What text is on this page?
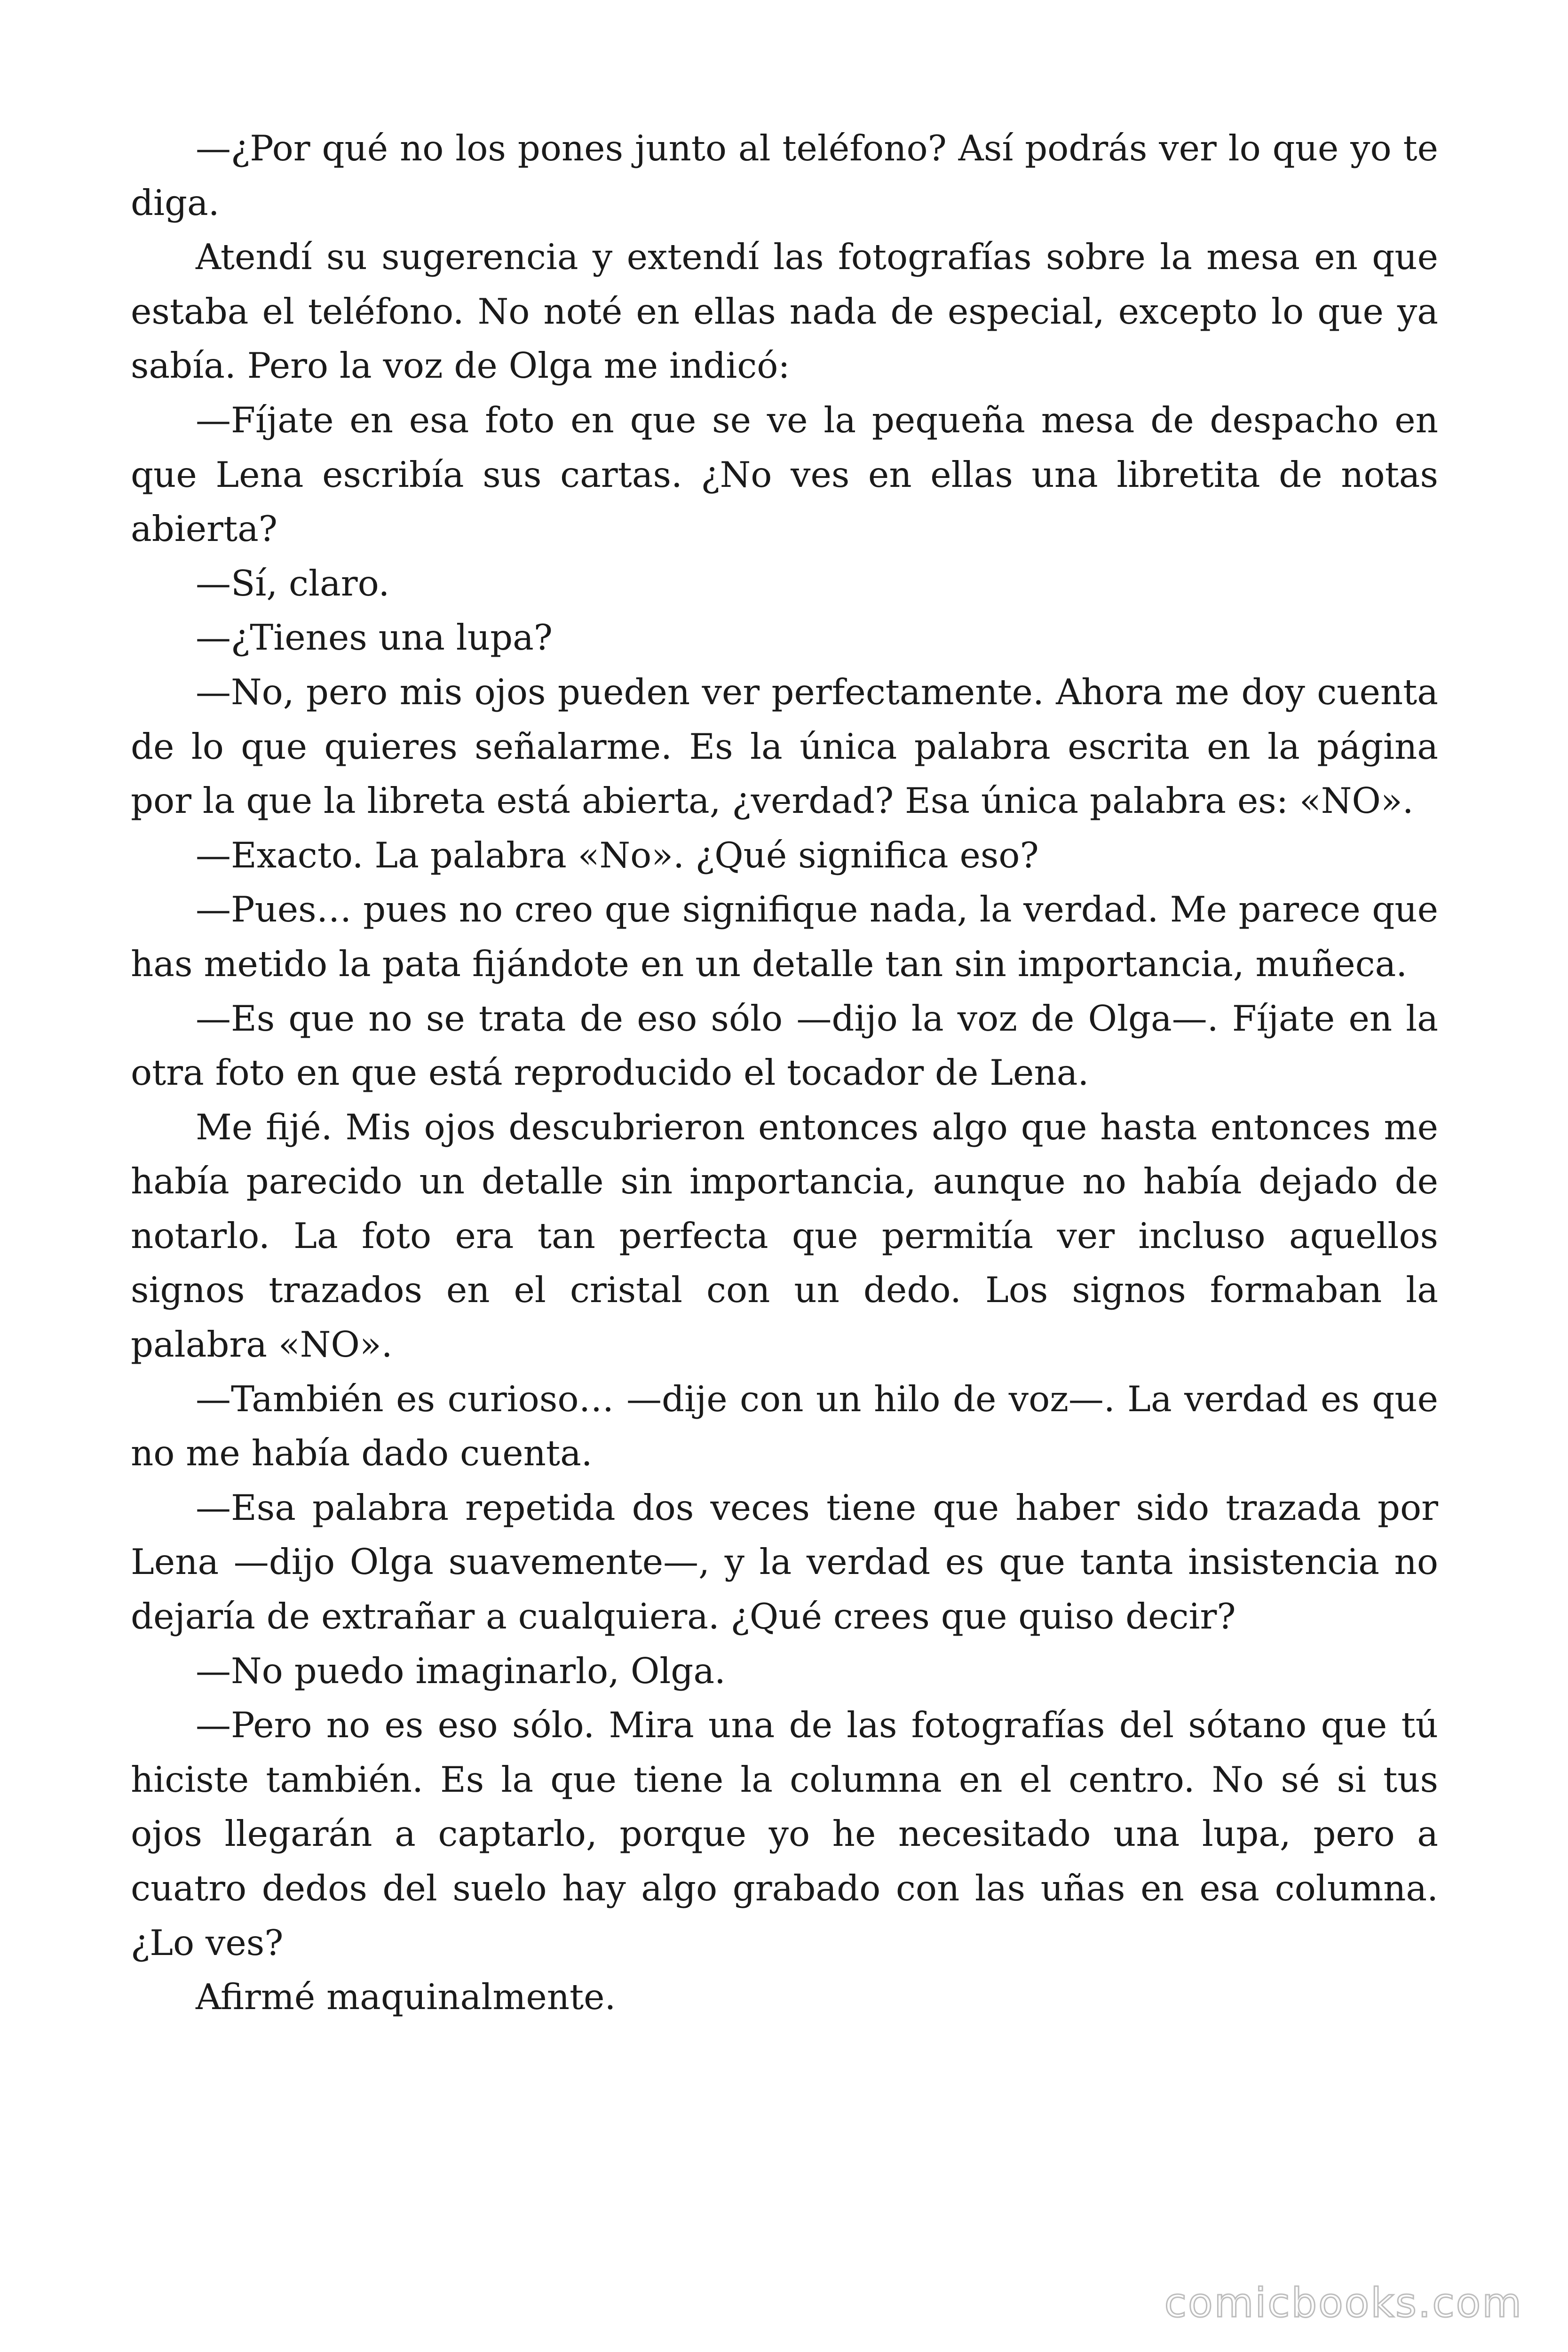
—¿Por qué no los pones junto al teléfono? Así podrás ver lo que yo te diga.

Atendí su sugerencia y extendí las fotografías sobre la mesa en que estaba el teléfono. No noté en ellas nada de especial, excepto lo que ya sabía. Pero la voz de Olga me indicó:

—Fíjate en esa foto en que se ve la pequeña mesa de despacho en que Lena escribía sus cartas. ¿No ves en ellas una libretita de notas abierta?

—Sí, claro.

—¿Tienes una lupa?

—No, pero mis ojos pueden ver perfectamente. Ahora me doy cuenta de lo que quieres señalarme. Es la única palabra escrita en la página por la que la libreta está abierta, ¿verdad? Esa única palabra es: «NO».

—Exacto. La palabra «No». ¿Qué significa eso?

—Pues… pues no creo que signifique nada, la verdad. Me parece que has metido la pata fijándote en un detalle tan sin importancia, muñeca.

—Es que no se trata de eso sólo —dijo la voz de Olga—. Fíjate en la otra foto en que está reproducido el tocador de Lena.

Me fijé. Mis ojos descubrieron entonces algo que hasta entonces me había parecido un detalle sin importancia, aunque no había dejado de notarlo. La foto era tan perfecta que permitía ver incluso aquellos signos trazados en el cristal con un dedo. Los signos formaban la palabra «NO».

—También es curioso… —dije con un hilo de voz—. La verdad es que no me había dado cuenta.

—Esa palabra repetida dos veces tiene que haber sido trazada por Lena —dijo Olga suavemente—, y la verdad es que tanta insistencia no dejaría de extrañar a cualquiera. ¿Qué crees que quiso decir?

—No puedo imaginarlo, Olga.

—Pero no es eso sólo. Mira una de las fotografías del sótano que tú hiciste también. Es la que tiene la columna en el centro. No sé si tus ojos llegarán a captarlo, porque yo he necesitado una lupa, pero a cuatro dedos del suelo hay algo grabado con las uñas en esa columna. ¿Lo ves?

Afirmé maquinalmente.

comicbooks.com
